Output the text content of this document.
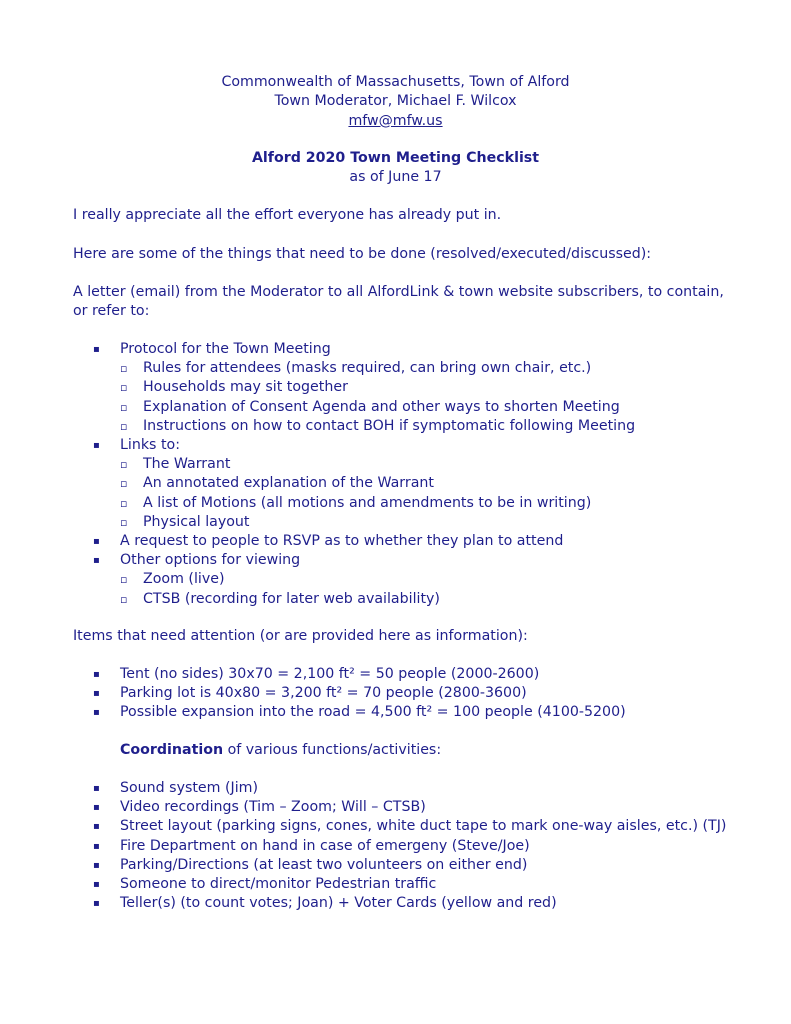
Commonwealth of Massachusetts, Town of Alford
Town Moderator, Michael F. Wilcox
mfw@mfw.us
Alford 2020 Town Meeting Checklist
as of June 17

I really appreciate all the effort everyone has already put in.

Here are some of the things that need to be done (resolved/executed/discussed):

A letter (email) from the Moderator to all AlfordLink & town website subscribers, to contain, or refer to:

▪ Protocol for the Town Meeting
▫ Rules for attendees (masks required, can bring own chair, etc.)
▫ Households may sit together
▫ Explanation of Consent Agenda and other ways to shorten Meeting
▫ Instructions on how to contact BOH if symptomatic following Meeting
▪ Links to:
▫ The Warrant
▫ An annotated explanation of the Warrant
▫ A list of Motions (all motions and amendments to be in writing)
▫ Physical layout
▪ A request to people to RSVP as to whether they plan to attend
▪ Other options for viewing
▫ Zoom (live)
▫ CTSB (recording for later web availability)

Items that need attention (or are provided here as information):

▪ Tent (no sides) 30x70 = 2,100 ft² = 50 people (2000-2600)
▪ Parking lot is 40x80 = 3,200 ft² = 70 people (2800-3600)
▪ Possible expansion into the road = 4,500 ft² = 100 people (4100-5200)

Coordination of various functions/activities:

▪ Sound system (Jim)
▪ Video recordings (Tim – Zoom; Will – CTSB)
▪ Street layout (parking signs, cones, white duct tape to mark one-way aisles, etc.) (TJ)
▪ Fire Department on hand in case of emergeny (Steve/Joe)
▪ Parking/Directions (at least two volunteers on either end)
▪ Someone to direct/monitor Pedestrian traffic
▪ Teller(s) (to count votes; Joan) + Voter Cards (yellow and red)
